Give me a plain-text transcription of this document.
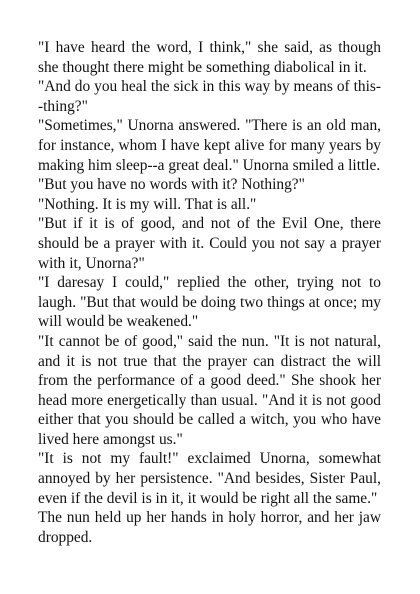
"I have heard the word, I think," she said, as though she thought there might be something diabolical in it.

"And do you heal the sick in this way by means of this--thing?"

"Sometimes," Unorna answered. "There is an old man, for instance, whom I have kept alive for many years by making him sleep--a great deal." Unorna smiled a little.

"But you have no words with it? Nothing?"

"Nothing. It is my will. That is all."

"But if it is of good, and not of the Evil One, there should be a prayer with it. Could you not say a prayer with it, Unorna?"

"I daresay I could," replied the other, trying not to laugh. "But that would be doing two things at once; my will would be weakened."

"It cannot be of good," said the nun. "It is not natural, and it is not true that the prayer can distract the will from the performance of a good deed." She shook her head more energetically than usual. "And it is not good either that you should be called a witch, you who have lived here amongst us."

"It is not my fault!" exclaimed Unorna, somewhat annoyed by her persistence. "And besides, Sister Paul, even if the devil is in it, it would be right all the same."

The nun held up her hands in holy horror, and her jaw dropped.
